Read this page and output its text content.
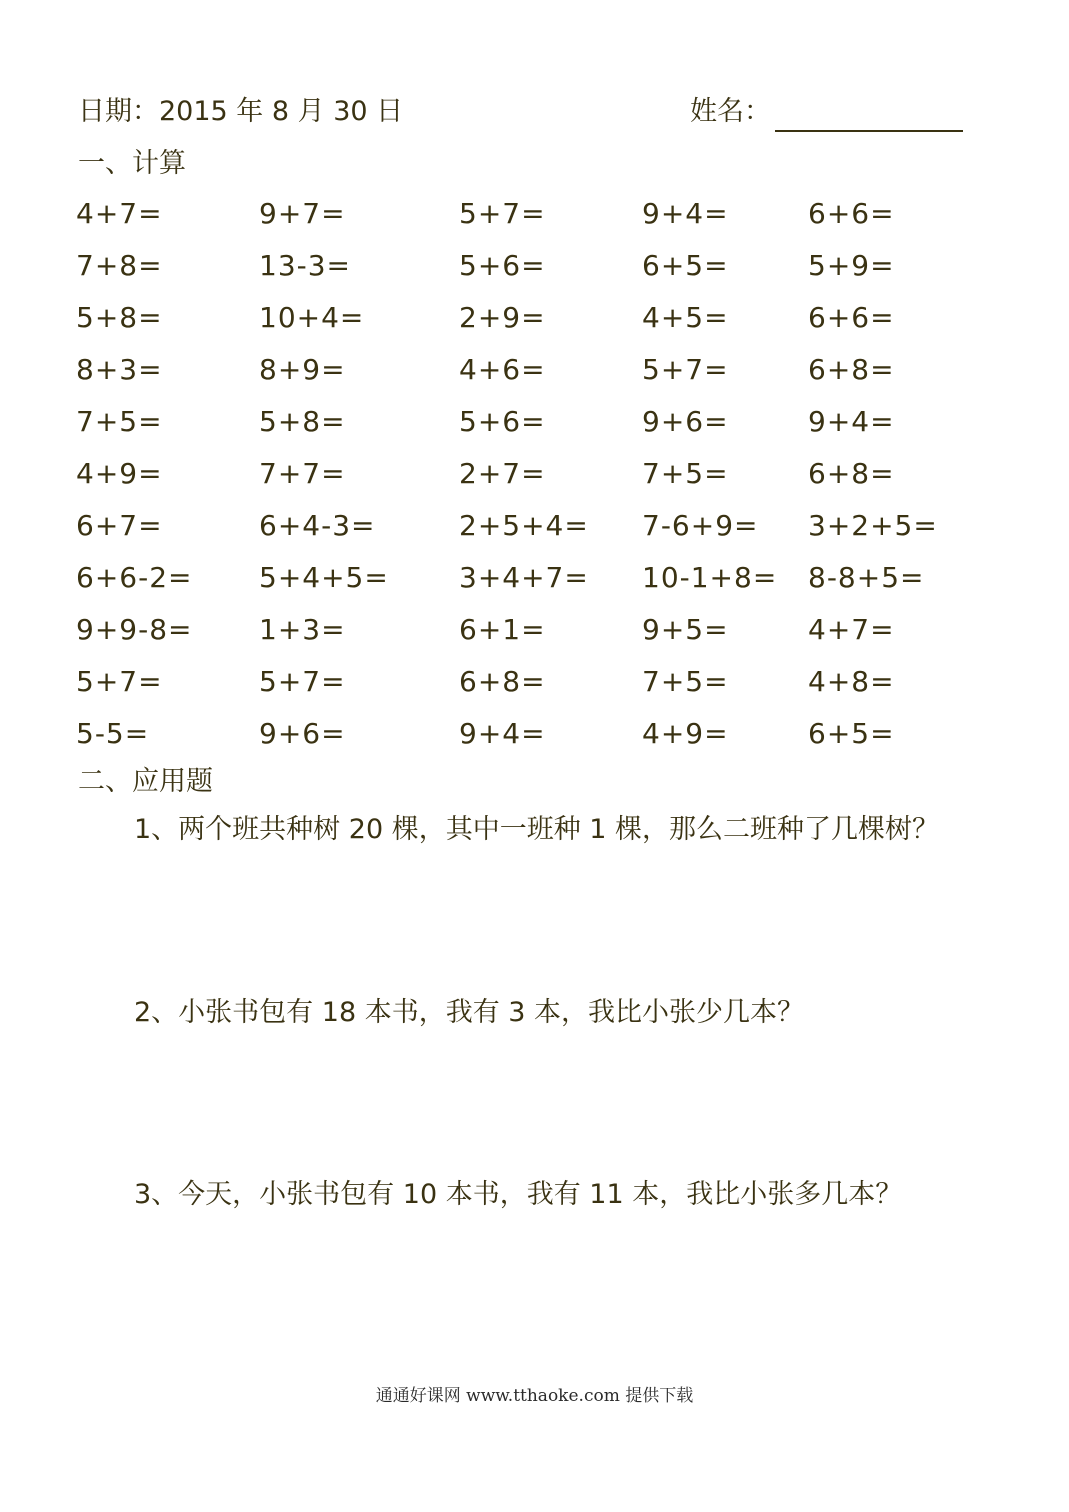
日期：2015 年 8 月 30 日	姓名：
一、计算
4+7=	9+7=	5+7=	9+4=	6+6=
7+8=	13-3=	5+6=	6+5=	5+9=
5+8=	10+4=	2+9=	4+5=	6+6=
8+3=	8+9=	4+6=	5+7=	6+8=
7+5=	5+8=	5+6=	9+6=	9+4=
4+9=	7+7=	2+7=	7+5=	6+8=
6+7=	6+4-3=	2+5+4= 7-6+9= 3+2+5=
6+6-2= 5+4+5=	3+4+7= 10-1+8= 8-8+5=
9+9-8= 1+3=	6+1=	9+5=	4+7=
5+7=	5+7=	6+8=	7+5=	4+8=
5-5=	9+6=	9+4=	4+9=	6+5=
二、应用题
1、两个班共种树 20 棵，其中一班种 1 棵，那么二班种了几棵树？
2、小张书包有 18 本书，我有 3 本，我比小张少几本？
3、今天，小张书包有 10 本书，我有 11 本，我比小张多几本？
通通好课网 www.tthaoke.com 提供下载
